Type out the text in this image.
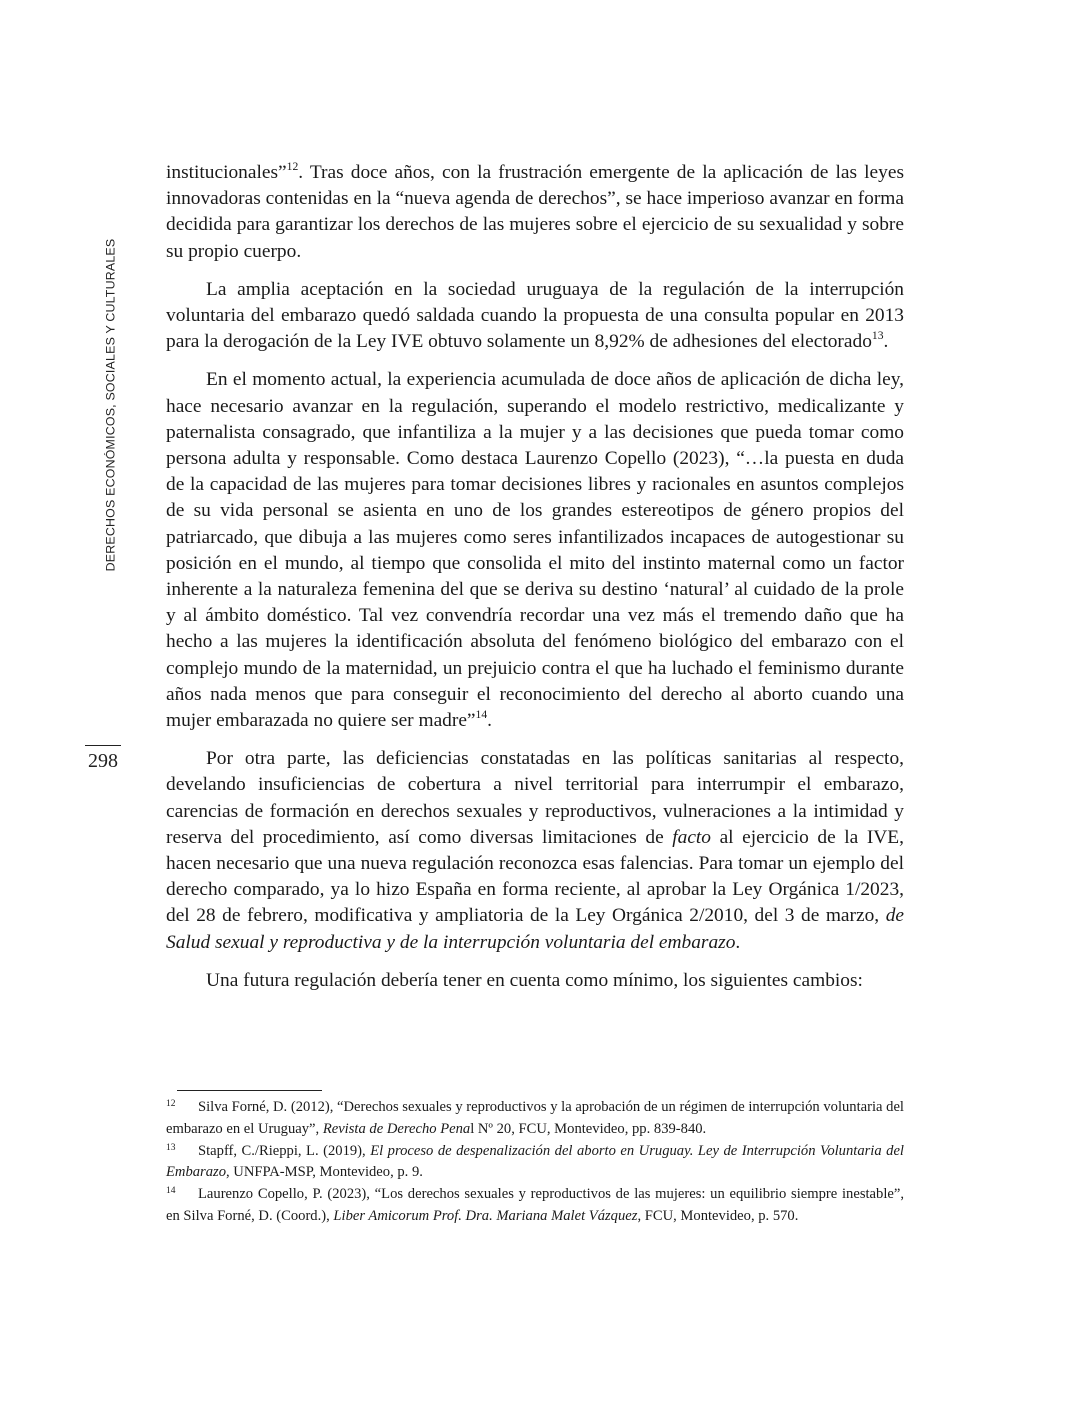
DERECHOS ECONÓMICOS, SOCIALES Y CULTURALES
298

institucionales”$^{12}$. Tras doce años, con la frustración emergente de la aplicación de las leyes innovadoras contenidas en la “nueva agenda de derechos”, se hace imperioso avanzar en forma decidida para garantizar los derechos de las mujeres sobre el ejercicio de su sexualidad y sobre su propio cuerpo.

La amplia aceptación en la sociedad uruguaya de la regulación de la interrupción voluntaria del embarazo quedó saldada cuando la propuesta de una consulta popular en 2013 para la derogación de la Ley IVE obtuvo solamente un 8,92% de adhesiones del electorado$^{13}$.

En el momento actual, la experiencia acumulada de doce años de aplicación de dicha ley, hace necesario avanzar en la regulación, superando el modelo restrictivo, medicalizante y paternalista consagrado, que infantiliza a la mujer y a las decisiones que pueda tomar como persona adulta y responsable. Como destaca Laurenzo Copello (2023), “…la puesta en duda de la capacidad de las mujeres para tomar decisiones libres y racionales en asuntos complejos de su vida personal se asienta en uno de los grandes estereotipos de género propios del patriarcado, que dibuja a las mujeres como seres infantilizados incapaces de autogestionar su posición en el mundo, al tiempo que consolida el mito del instinto maternal como un factor inherente a la naturaleza femenina del que se deriva su destino ‘natural’ al cuidado de la prole y al ámbito doméstico. Tal vez convendría recordar una vez más el tremendo daño que ha hecho a las mujeres la identificación absoluta del fenómeno biológico del embarazo con el complejo mundo de la maternidad, un prejuicio contra el que ha luchado el feminismo durante años nada menos que para conseguir el reconocimiento del derecho al aborto cuando una mujer embarazada no quiere ser madre”$^{14}$.

Por otra parte, las deficiencias constatadas en las políticas sanitarias al respecto, develando insuficiencias de cobertura a nivel territorial para interrumpir el embarazo, carencias de formación en derechos sexuales y reproductivos, vulneraciones a la intimidad y reserva del procedimiento, así como diversas limitaciones de facto al ejercicio de la IVE, hacen necesario que una nueva regulación reconozca esas falencias. Para tomar un ejemplo del derecho comparado, ya lo hizo España en forma reciente, al aprobar la Ley Orgánica 1/2023, del 28 de febrero, modificativa y ampliatoria de la Ley Orgánica 2/2010, del 3 de marzo, de Salud sexual y reproductiva y de la interrupción voluntaria del embarazo.

Una futura regulación debería tener en cuenta como mínimo, los siguientes cambios:

12 Silva Forné, D. (2012), “Derechos sexuales y reproductivos y la aprobación de un régimen de interrupción voluntaria del embarazo en el Uruguay”, Revista de Derecho Penal Nº 20, FCU, Montevideo, pp. 839-840.

13 Stapff, C./Rieppi, L. (2019), El proceso de despenalización del aborto en Uruguay. Ley de Interrupción Voluntaria del Embarazo, UNFPA-MSP, Montevideo, p. 9.

14 Laurenzo Copello, P. (2023), “Los derechos sexuales y reproductivos de las mujeres: un equilibrio siempre inestable”, en Silva Forné, D. (Coord.), Liber Amicorum Prof. Dra. Mariana Malet Vázquez, FCU, Montevideo, p. 570.
